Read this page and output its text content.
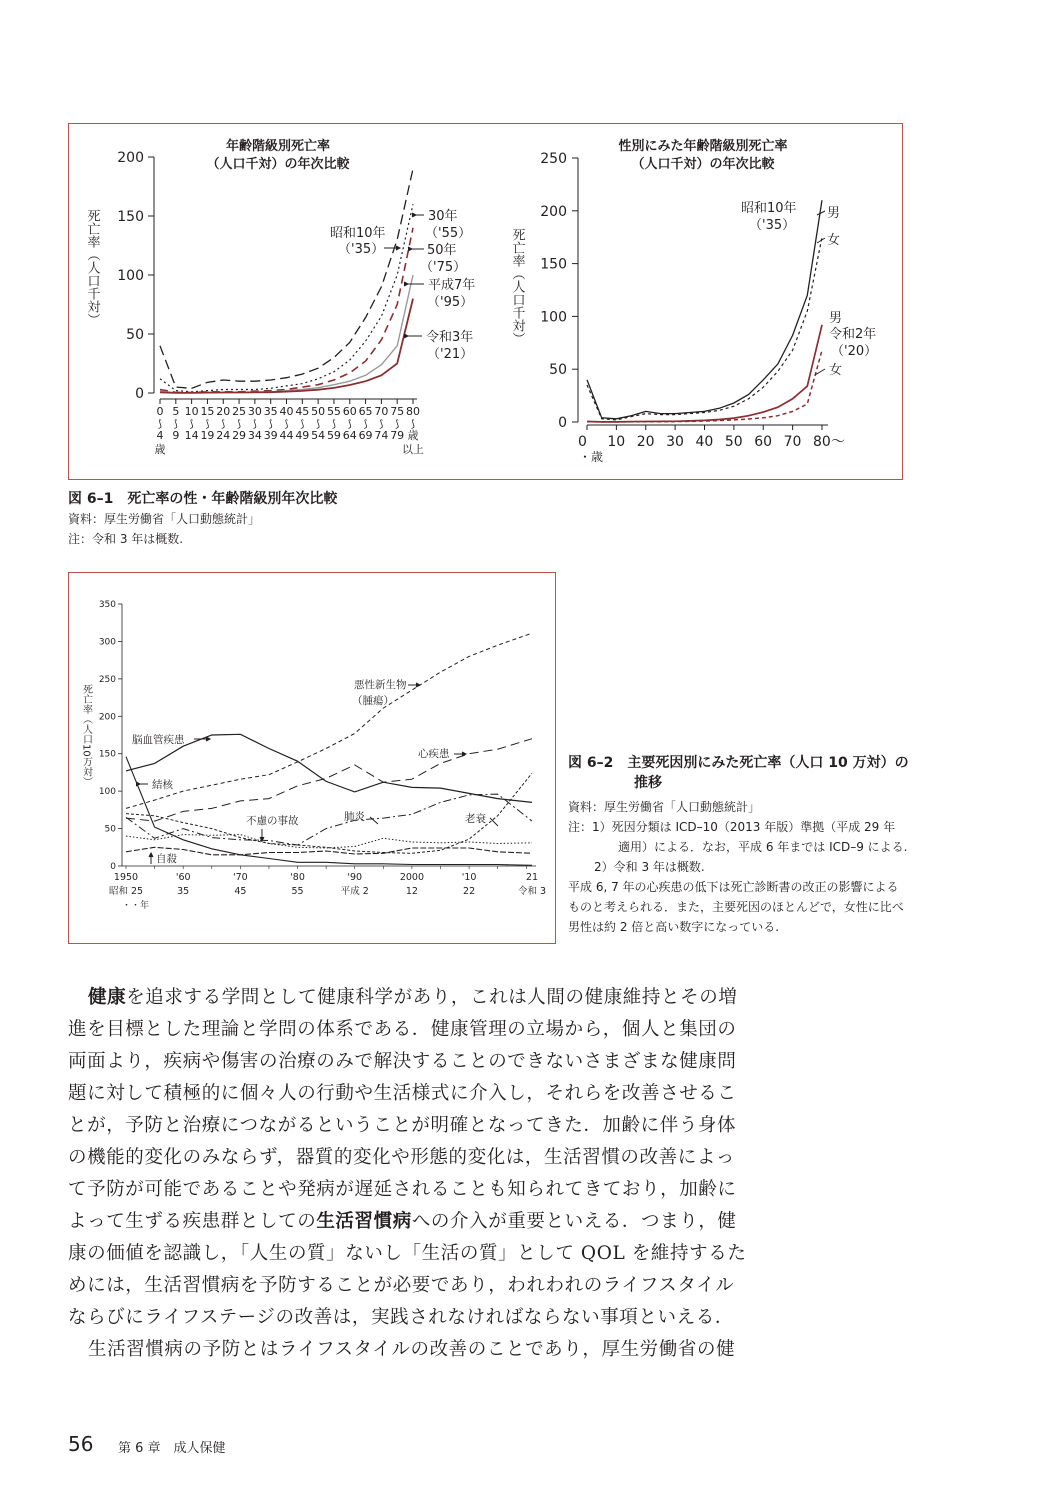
年齢階級別死亡率
（人口千対）の年次比較
死亡率（人口千対）
200
150
100
50
0
0
⟆
4
5
⟆
9
10
⟆
14
15
⟆
19
20
⟆
24
25
⟆
29
30
⟆
34
35
⟆
39
40
⟆
44
45
⟆
49
50
⟆
54
55
⟆
59
60
⟆
64
65
⟆
69
70
⟆
74
75
⟆
79
80
⟆
歳
歳	以上
30年
（'55）
昭和10年
（'35）	50年
（'75）
平成7年
（'95）
令和3年
（'21）
性別にみた年齢階級別死亡率
（人口千対）の年次比較
死亡率（人口千対）
250
200
150
100
50
0
0 10 20 30 40 50 60 70 80〜
・歳
昭和10年
（'35）
男
女
男
令和2年
（'20）
女
図 6–1　死亡率の性・年齢階級別年次比較
資料：厚生労働省「人口動態統計」
注：令和 3 年は概数.
死亡率（人口10万対）
350
300
250
200
150
100
50
0
1950
昭和 25
'60
35
'70
45
'80
55
'90
平成 2
2000
12
'10
22
21
令和 3
・・年
悪性新生物
（腫瘍）
脳血管疾患
心疾患
結核
不慮の事故	肺炎	老衰
自殺
図 6–2　主要死因別にみた死亡率（人口 10 万対）の
推移
資料：厚生労働省「人口動態統計」
注：1）死因分類は ICD–10（2013 年版）準拠（平成 29 年
適用）による．なお，平成 6 年までは ICD–9 による.
2）令和 3 年は概数.
平成 6, 7 年の心疾患の低下は死亡診断書の改正の影響による
ものと考えられる．また，主要死因のほとんどで，女性に比べ
男性は約 2 倍と高い数字になっている.
健康を追求する学問として健康科学があり，これは人間の健康維持とその増
進を目標とした理論と学問の体系である．健康管理の立場から，個人と集団の
両面より，疾病や傷害の治療のみで解決することのできないさまざまな健康問
題に対して積極的に個々人の行動や生活様式に介入し，それらを改善させるこ
とが，予防と治療につながるということが明確となってきた．加齢に伴う身体
の機能的変化のみならず，器質的変化や形態的変化は，生活習慣の改善によっ
て予防が可能であることや発病が遅延されることも知られてきており，加齢に
よって生ずる疾患群としての生活習慣病への介入が重要といえる．つまり，健
康の価値を認識し，「人生の質」ないし「生活の質」として QOL を維持するた
めには，生活習慣病を予防することが必要であり，われわれのライフスタイル
ならびにライフステージの改善は，実践されなければならない事項といえる．
生活習慣病の予防とはライフスタイルの改善のことであり，厚生労働省の健
56 第 6 章　成人保健
